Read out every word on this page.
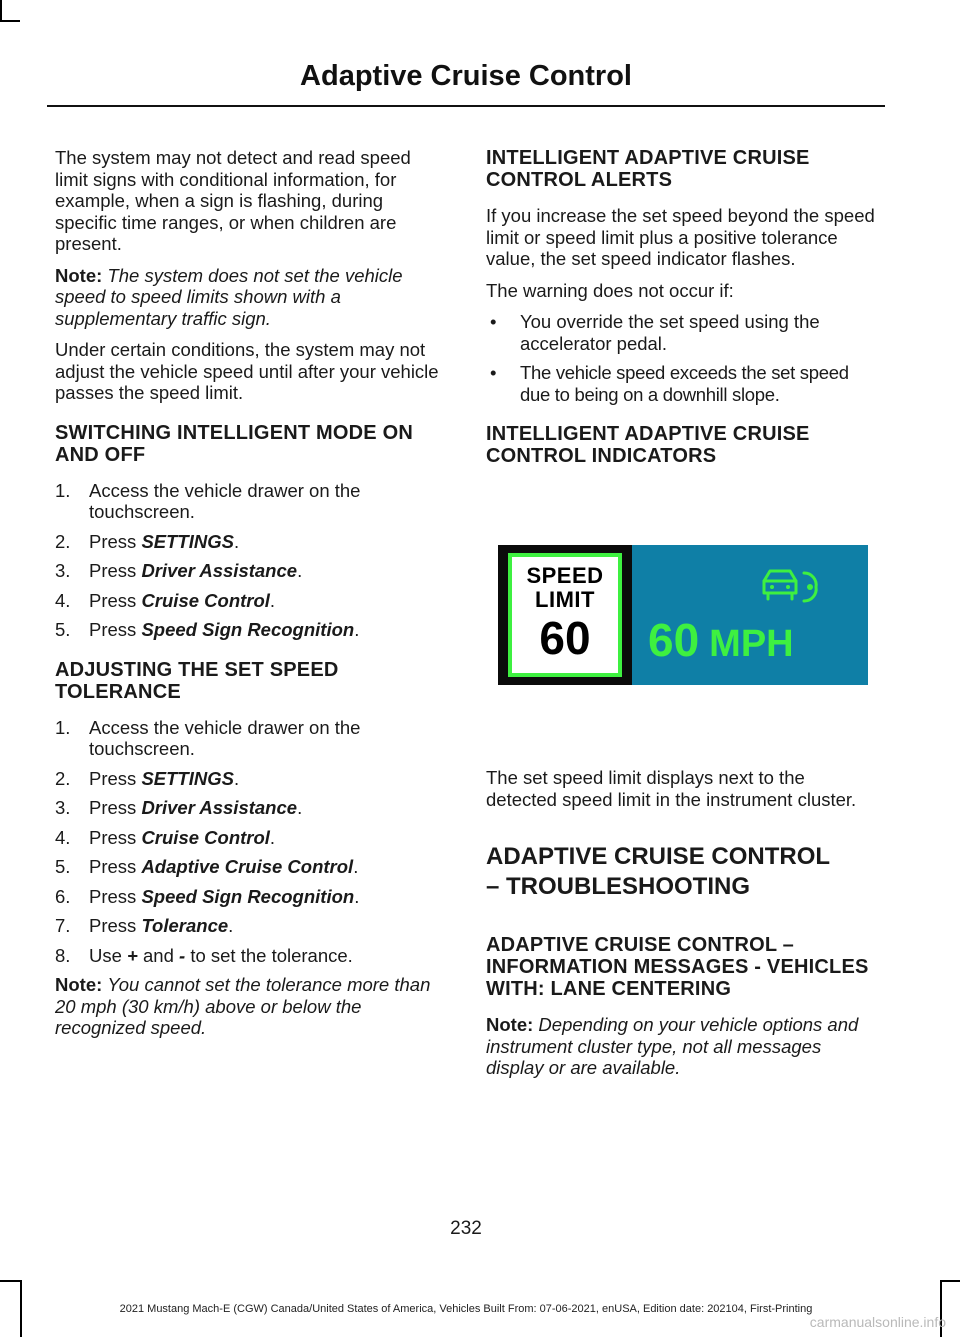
Adaptive Cruise Control

The system may not detect and read speed limit signs with conditional information, for example, when a sign is flashing, during specific time ranges, or when children are present.

Note: The system does not set the vehicle speed to speed limits shown with a supplementary traffic sign.

Under certain conditions, the system may not adjust the vehicle speed until after your vehicle passes the speed limit.

SWITCHING INTELLIGENT MODE ON AND OFF
1. Access the vehicle drawer on the touchscreen.
2. Press SETTINGS.
3. Press Driver Assistance.
4. Press Cruise Control.
5. Press Speed Sign Recognition.
ADJUSTING THE SET SPEED TOLERANCE
1. Access the vehicle drawer on the touchscreen.
2. Press SETTINGS.
3. Press Driver Assistance.
4. Press Cruise Control.
5. Press Adaptive Cruise Control.
6. Press Speed Sign Recognition.
7. Press Tolerance.
8. Use + and - to set the tolerance.

Note: You cannot set the tolerance more than 20 mph (30 km/h) above or below the recognized speed.

INTELLIGENT ADAPTIVE CRUISE CONTROL ALERTS

If you increase the set speed beyond the speed limit or speed limit plus a positive tolerance value, the set speed indicator flashes.

The warning does not occur if:

• You override the set speed using the accelerator pedal.
• The vehicle speed exceeds the set speed due to being on a downhill slope.
INTELLIGENT ADAPTIVE CRUISE CONTROL INDICATORS
SPEED
LIMIT
60	60 MPH

The set speed limit displays next to the detected speed limit in the instrument cluster.

ADAPTIVE CRUISE CONTROL
– TROUBLESHOOTING
ADAPTIVE CRUISE CONTROL – INFORMATION MESSAGES - VEHICLES WITH: LANE CENTERING

Note: Depending on your vehicle options and instrument cluster type, not all messages display or are available.

232
2021 Mustang Mach-E (CGW) Canada/United States of America, Vehicles Built From: 07-06-2021, enUSA, Edition date: 202104, First-Printing
carmanualsonline.info
